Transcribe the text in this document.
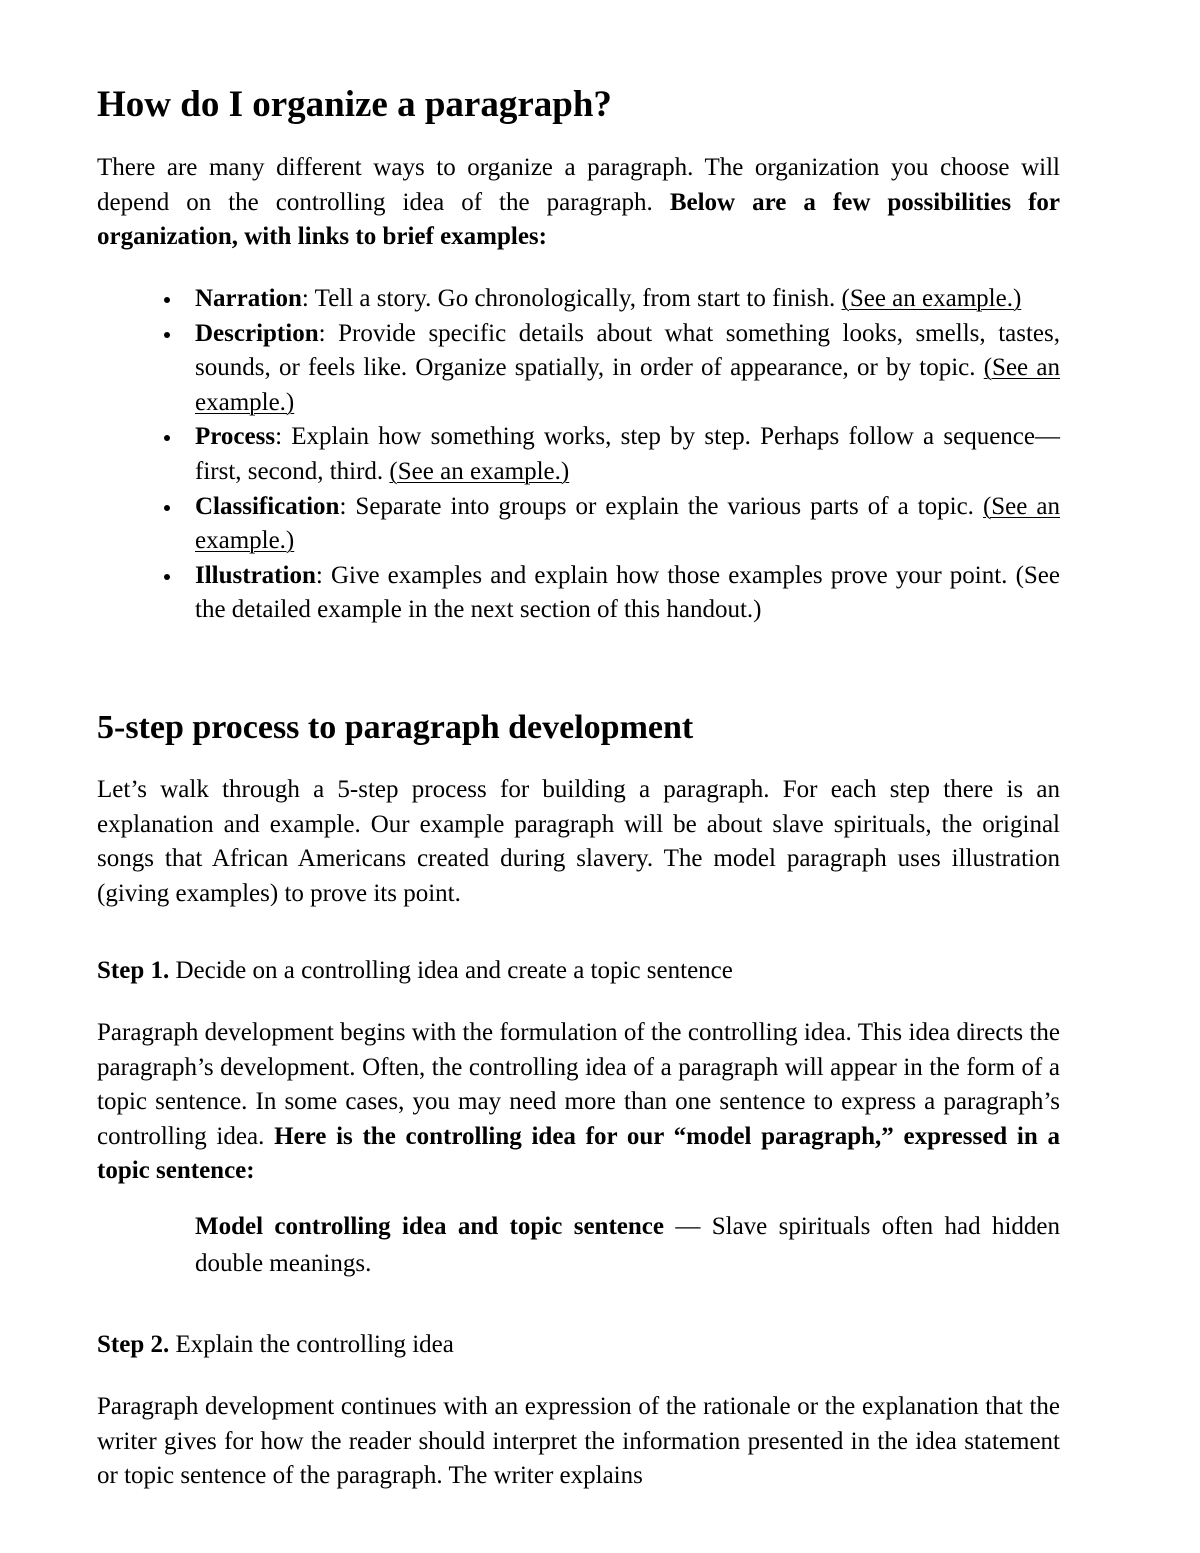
How do I organize a paragraph?

There are many different ways to organize a paragraph. The organization you choose will depend on the controlling idea of the paragraph. Below are a few possibilities for organization, with links to brief examples:

Narration: Tell a story. Go chronologically, from start to finish. (See an example.)
Description: Provide specific details about what something looks, smells, tastes, sounds, or feels like. Organize spatially, in order of appearance, or by topic. (See an example.)
Process: Explain how something works, step by step. Perhaps follow a sequence—first, second, third. (See an example.)
Classification: Separate into groups or explain the various parts of a topic. (See an example.)
Illustration: Give examples and explain how those examples prove your point. (See the detailed example in the next section of this handout.)
5-step process to paragraph development

Let’s walk through a 5-step process for building a paragraph. For each step there is an explanation and example. Our example paragraph will be about slave spirituals, the original songs that African Americans created during slavery. The model paragraph uses illustration (giving examples) to prove its point.

Step 1. Decide on a controlling idea and create a topic sentence

Paragraph development begins with the formulation of the controlling idea. This idea directs the paragraph’s development. Often, the controlling idea of a paragraph will appear in the form of a topic sentence. In some cases, you may need more than one sentence to express a paragraph’s controlling idea. Here is the controlling idea for our “model paragraph,” expressed in a topic sentence:

Model controlling idea and topic sentence — Slave spirituals often had hidden double meanings.

Step 2. Explain the controlling idea

Paragraph development continues with an expression of the rationale or the explanation that the writer gives for how the reader should interpret the information presented in the idea statement or topic sentence of the paragraph. The writer explains
